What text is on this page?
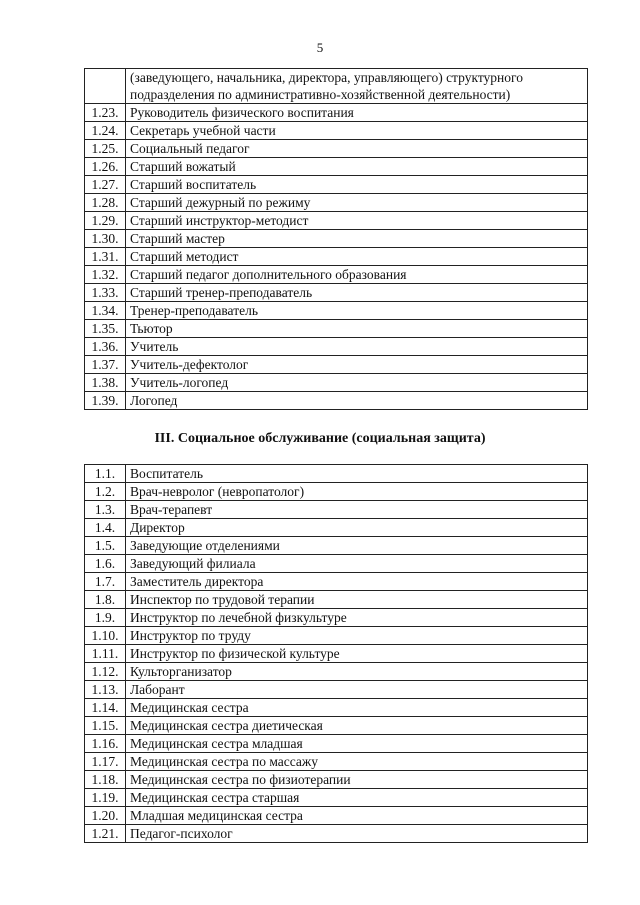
5
	(заведующего, начальника, директора, управляющего) структурного подразделения по административно-хозяйственной деятельности)
1.23.	Руководитель физического воспитания
1.24.	Секретарь учебной части
1.25.	Социальный педагог
1.26.	Старший вожатый
1.27.	Старший воспитатель
1.28.	Старший дежурный по режиму
1.29.	Старший инструктор-методист
1.30.	Старший мастер
1.31.	Старший методист
1.32.	Старший педагог дополнительного образования
1.33.	Старший тренер-преподаватель
1.34.	Тренер-преподаватель
1.35.	Тьютор
1.36.	Учитель
1.37.	Учитель-дефектолог
1.38.	Учитель-логопед
1.39.	Логопед
III. Социальное обслуживание (социальная защита)
1.1.	Воспитатель
1.2.	Врач-невролог (невропатолог)
1.3.	Врач-терапевт
1.4.	Директор
1.5.	Заведующие отделениями
1.6.	Заведующий филиала
1.7.	Заместитель директора
1.8.	Инспектор по трудовой терапии
1.9.	Инструктор по лечебной физкультуре
1.10.	Инструктор по труду
1.11.	Инструктор по физической культуре
1.12.	Культорганизатор
1.13.	Лаборант
1.14.	Медицинская сестра
1.15.	Медицинская сестра диетическая
1.16.	Медицинская сестра младшая
1.17.	Медицинская сестра по массажу
1.18.	Медицинская сестра по физиотерапии
1.19.	Медицинская сестра старшая
1.20.	Младшая медицинская сестра
1.21.	Педагог-психолог
